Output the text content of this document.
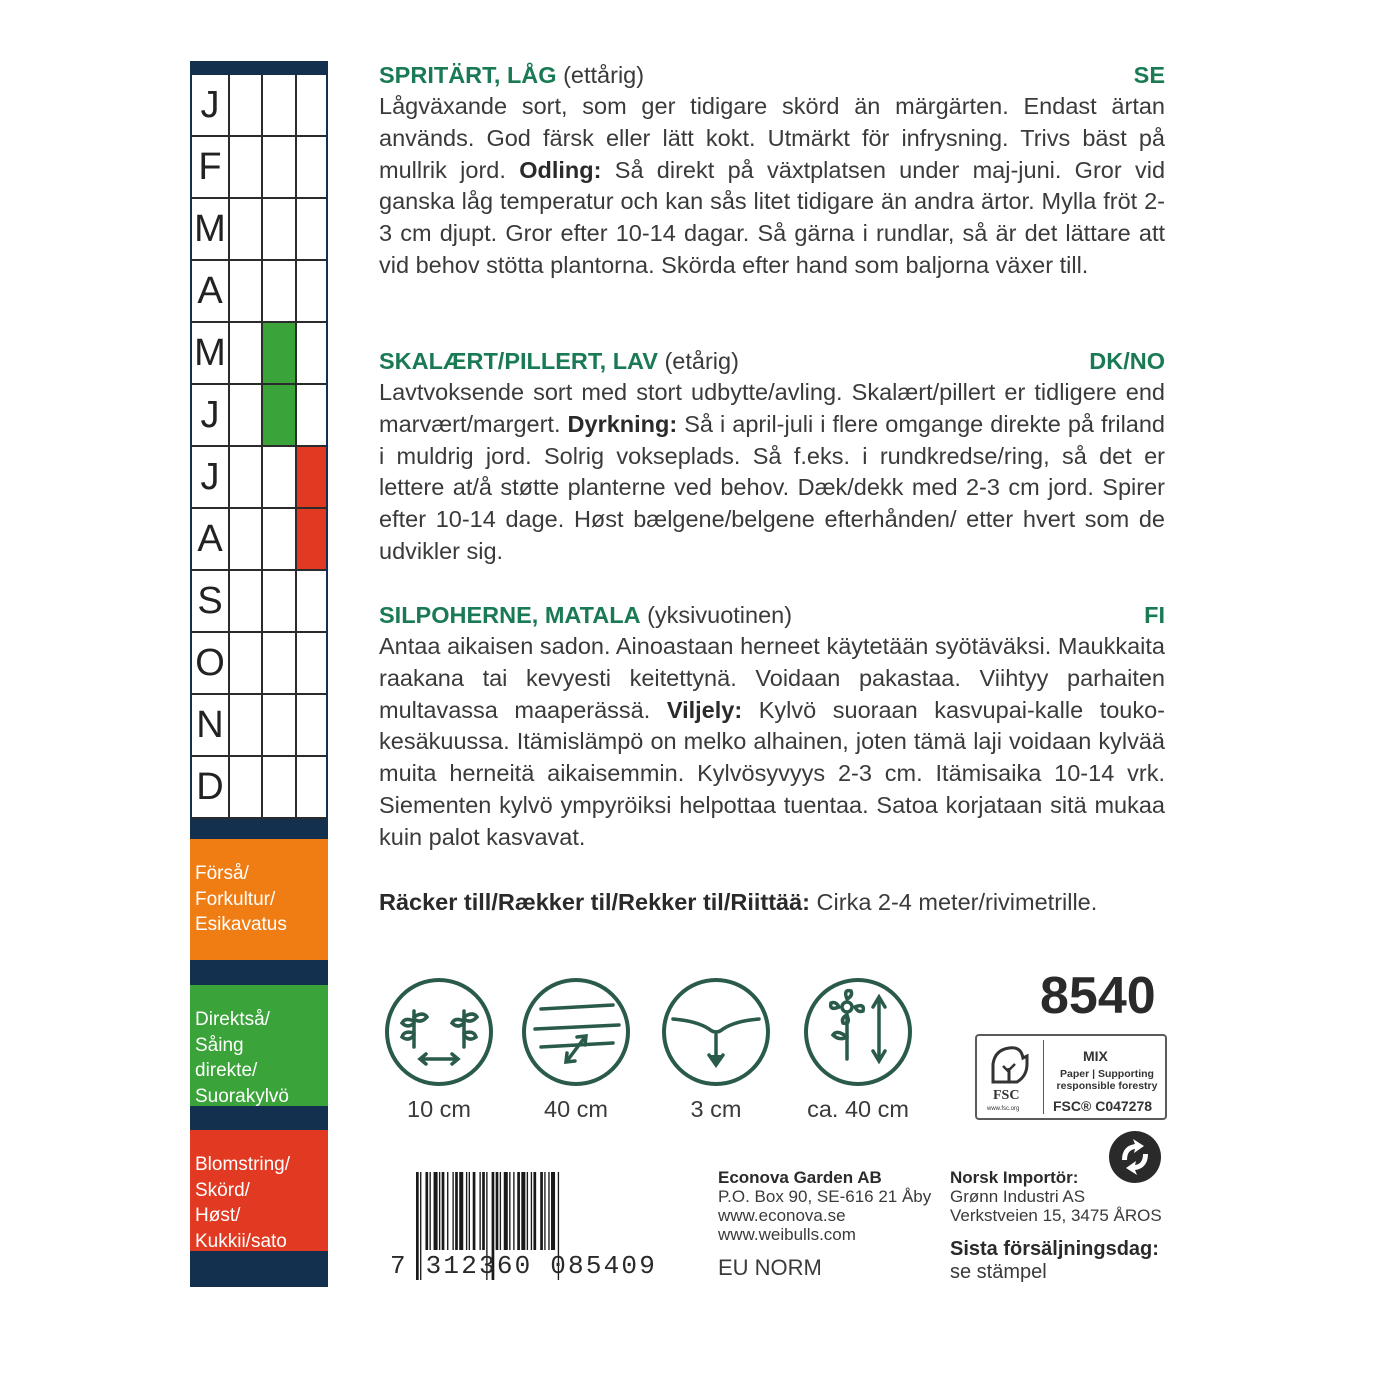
J
F
M
A
M
J
J
A
S
O
N
D
Förså/
Forkultur/
Esikavatus
Direktså/
Såing
direkte/
Suorakylvö
Blomstring/
Skörd/
Høst/
Kukkii/sato
SPRITÄRT, LÅG (ettårig)	SE
Lågväxande sort, som ger tidigare skörd än märgärten. Endast ärtan används. God färsk eller lätt kokt. Utmärkt för infrysning. Trivs bäst på mullrik jord. Odling: Så direkt på växtplatsen under maj-juni. Gror vid ganska låg temperatur och kan sås litet tidigare än andra ärtor. Mylla fröt 2-3 cm djupt. Gror efter 10-14 dagar. Så gärna i rundlar, så är det lättare att vid behov stötta plantorna. Skörda efter hand som baljorna växer till.
SKALÆRT/PILLERT, LAV (etårig)	DK/NO
Lavtvoksende sort med stort udbytte/avling. Skalært/pillert er tidligere end marvært/margert. Dyrkning: Så i april-juli i flere omgange direkte på friland i muldrig jord. Solrig vokseplads. Så f.eks. i rundkredse/ring, så det er lettere at/å støtte planterne ved behov. Dæk/dekk med 2-3 cm jord. Spirer efter 10-14 dage. Høst bælgene/belgene efterhånden/ etter hvert som de udvikler sig.
SILPOHERNE, MATALA (yksivuotinen)	FI
Antaa aikaisen sadon. Ainoastaan herneet käytetään syötäväksi. Maukkaita raakana tai kevyesti keitettynä. Voidaan pakastaa. Viihtyy parhaiten multavassa maaperässä. Viljely: Kylvö suoraan kasvupai-kalle touko-kesäkuussa. Itämislämpö on melko alhainen, joten tämä laji voidaan kylvää muita herneitä aikaisemmin. Kylvösyvyys 2-3 cm. Itämisaika 10-14 vrk. Siementen kylvö ympyröiksi helpottaa tuentaa. Satoa korjataan sitä mukaa kuin palot kasvavat.
Räcker till/Rækker til/Rekker til/Riittää: Cirka 2-4 meter/rivimetrille.
10 cm	40 cm	3 cm	ca. 40 cm
8540
FSC
www.fsc.org
MIX
Paper | Supporting responsible forestry
FSC® C047278
7 312360 085409
Econova Garden AB
P.O. Box 90, SE-616 21 Åby
www.econova.se
www.weibulls.com
EU NORM
Norsk Importör:
Grønn Industri AS
Verkstveien 15, 3475 ÅROS
Sista försäljningsdag:
se stämpel
